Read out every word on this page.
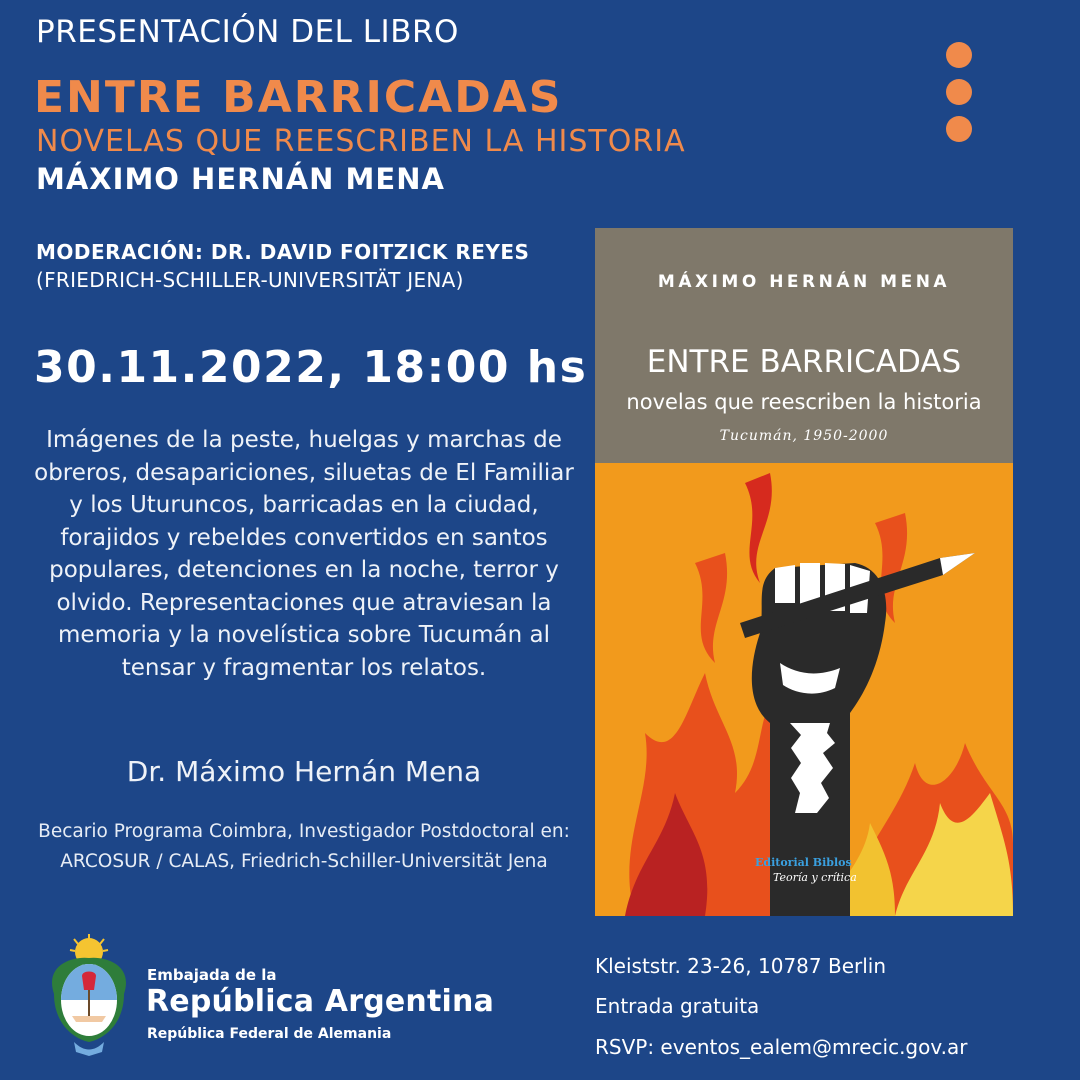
PRESENTACIÓN DEL LIBRO
ENTRE BARRICADAS
NOVELAS QUE REESCRIBEN LA HISTORIA
MÁXIMO HERNÁN MENA
MODERACIÓN: DR. DAVID FOITZICK REYES
(FRIEDRICH-SCHILLER-UNIVERSITÄT JENA)
30.11.2022, 18:00 hs
Imágenes de la peste, huelgas y marchas de obreros, desapariciones, siluetas de El Familiar y los Uturuncos, barricadas en la ciudad, forajidos y rebeldes convertidos en santos populares, detenciones en la noche, terror y olvido. Representaciones que atraviesan la memoria y la novelística sobre Tucumán al tensar y fragmentar los relatos.
Dr. Máximo Hernán Mena
Becario Programa Coimbra, Investigador Postdoctoral en: ARCOSUR / CALAS, Friedrich-Schiller-Universität Jena
MÁXIMO HERNÁN MENA
ENTRE BARRICADAS
novelas que reescriben la historia
Tucumán, 1950-2000
Editorial Biblos
Teoría y crítica
Embajada de la
República Argentina
República Federal de Alemania
Kleiststr. 23-26, 10787 Berlin
Entrada gratuita
RSVP: eventos_ealem@mrecic.gov.ar
